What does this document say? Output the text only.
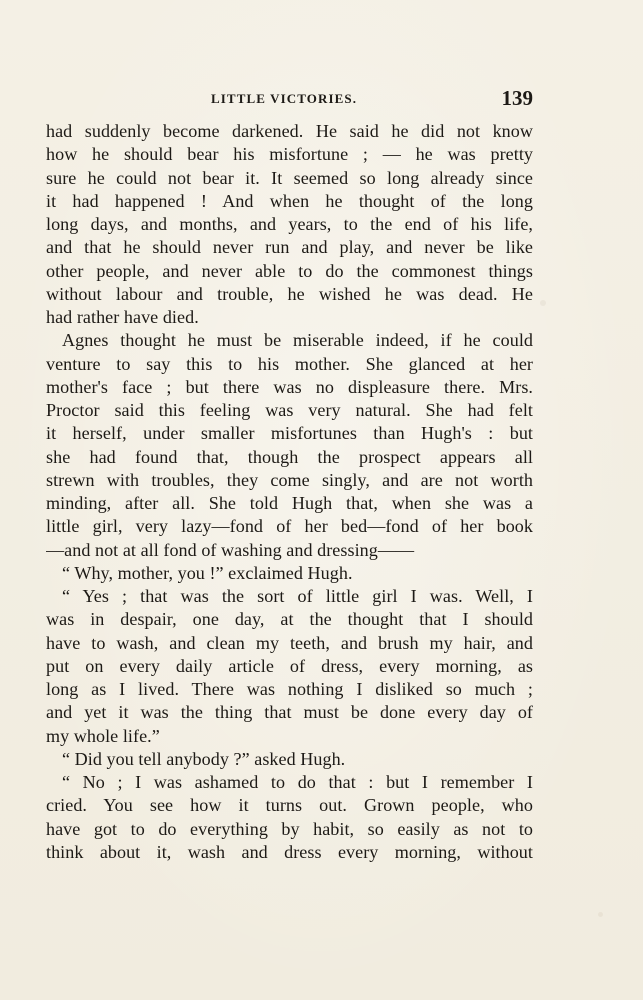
LITTLE VICTORIES.	139
had suddenly become darkened. He said he did not know
how he should bear his misfortune ; — he was pretty
sure he could not bear it. It seemed so long already since
it had happened ! And when he thought of the long
long days, and months, and years, to the end of his life,
and that he should never run and play, and never be like
other people, and never able to do the commonest things
without labour and trouble, he wished he was dead. He
had rather have died.
Agnes thought he must be miserable indeed, if he could
venture to say this to his mother. She glanced at her
mother's face ; but there was no displeasure there. Mrs.
Proctor said this feeling was very natural. She had felt
it herself, under smaller misfortunes than Hugh's : but
she had found that, though the prospect appears all
strewn with troubles, they come singly, and are not worth
minding, after all. She told Hugh that, when she was a
little girl, very lazy—fond of her bed—fond of her book
—and not at all fond of washing and dressing——
“ Why, mother, you !” exclaimed Hugh.
“ Yes ; that was the sort of little girl I was. Well, I
was in despair, one day, at the thought that I should
have to wash, and clean my teeth, and brush my hair, and
put on every daily article of dress, every morning, as
long as I lived. There was nothing I disliked so much ;
and yet it was the thing that must be done every day of
my whole life.”
“ Did you tell anybody ?” asked Hugh.
“ No ; I was ashamed to do that : but I remember I
cried. You see how it turns out. Grown people, who
have got to do everything by habit, so easily as not to
think about it, wash and dress every morning, without
